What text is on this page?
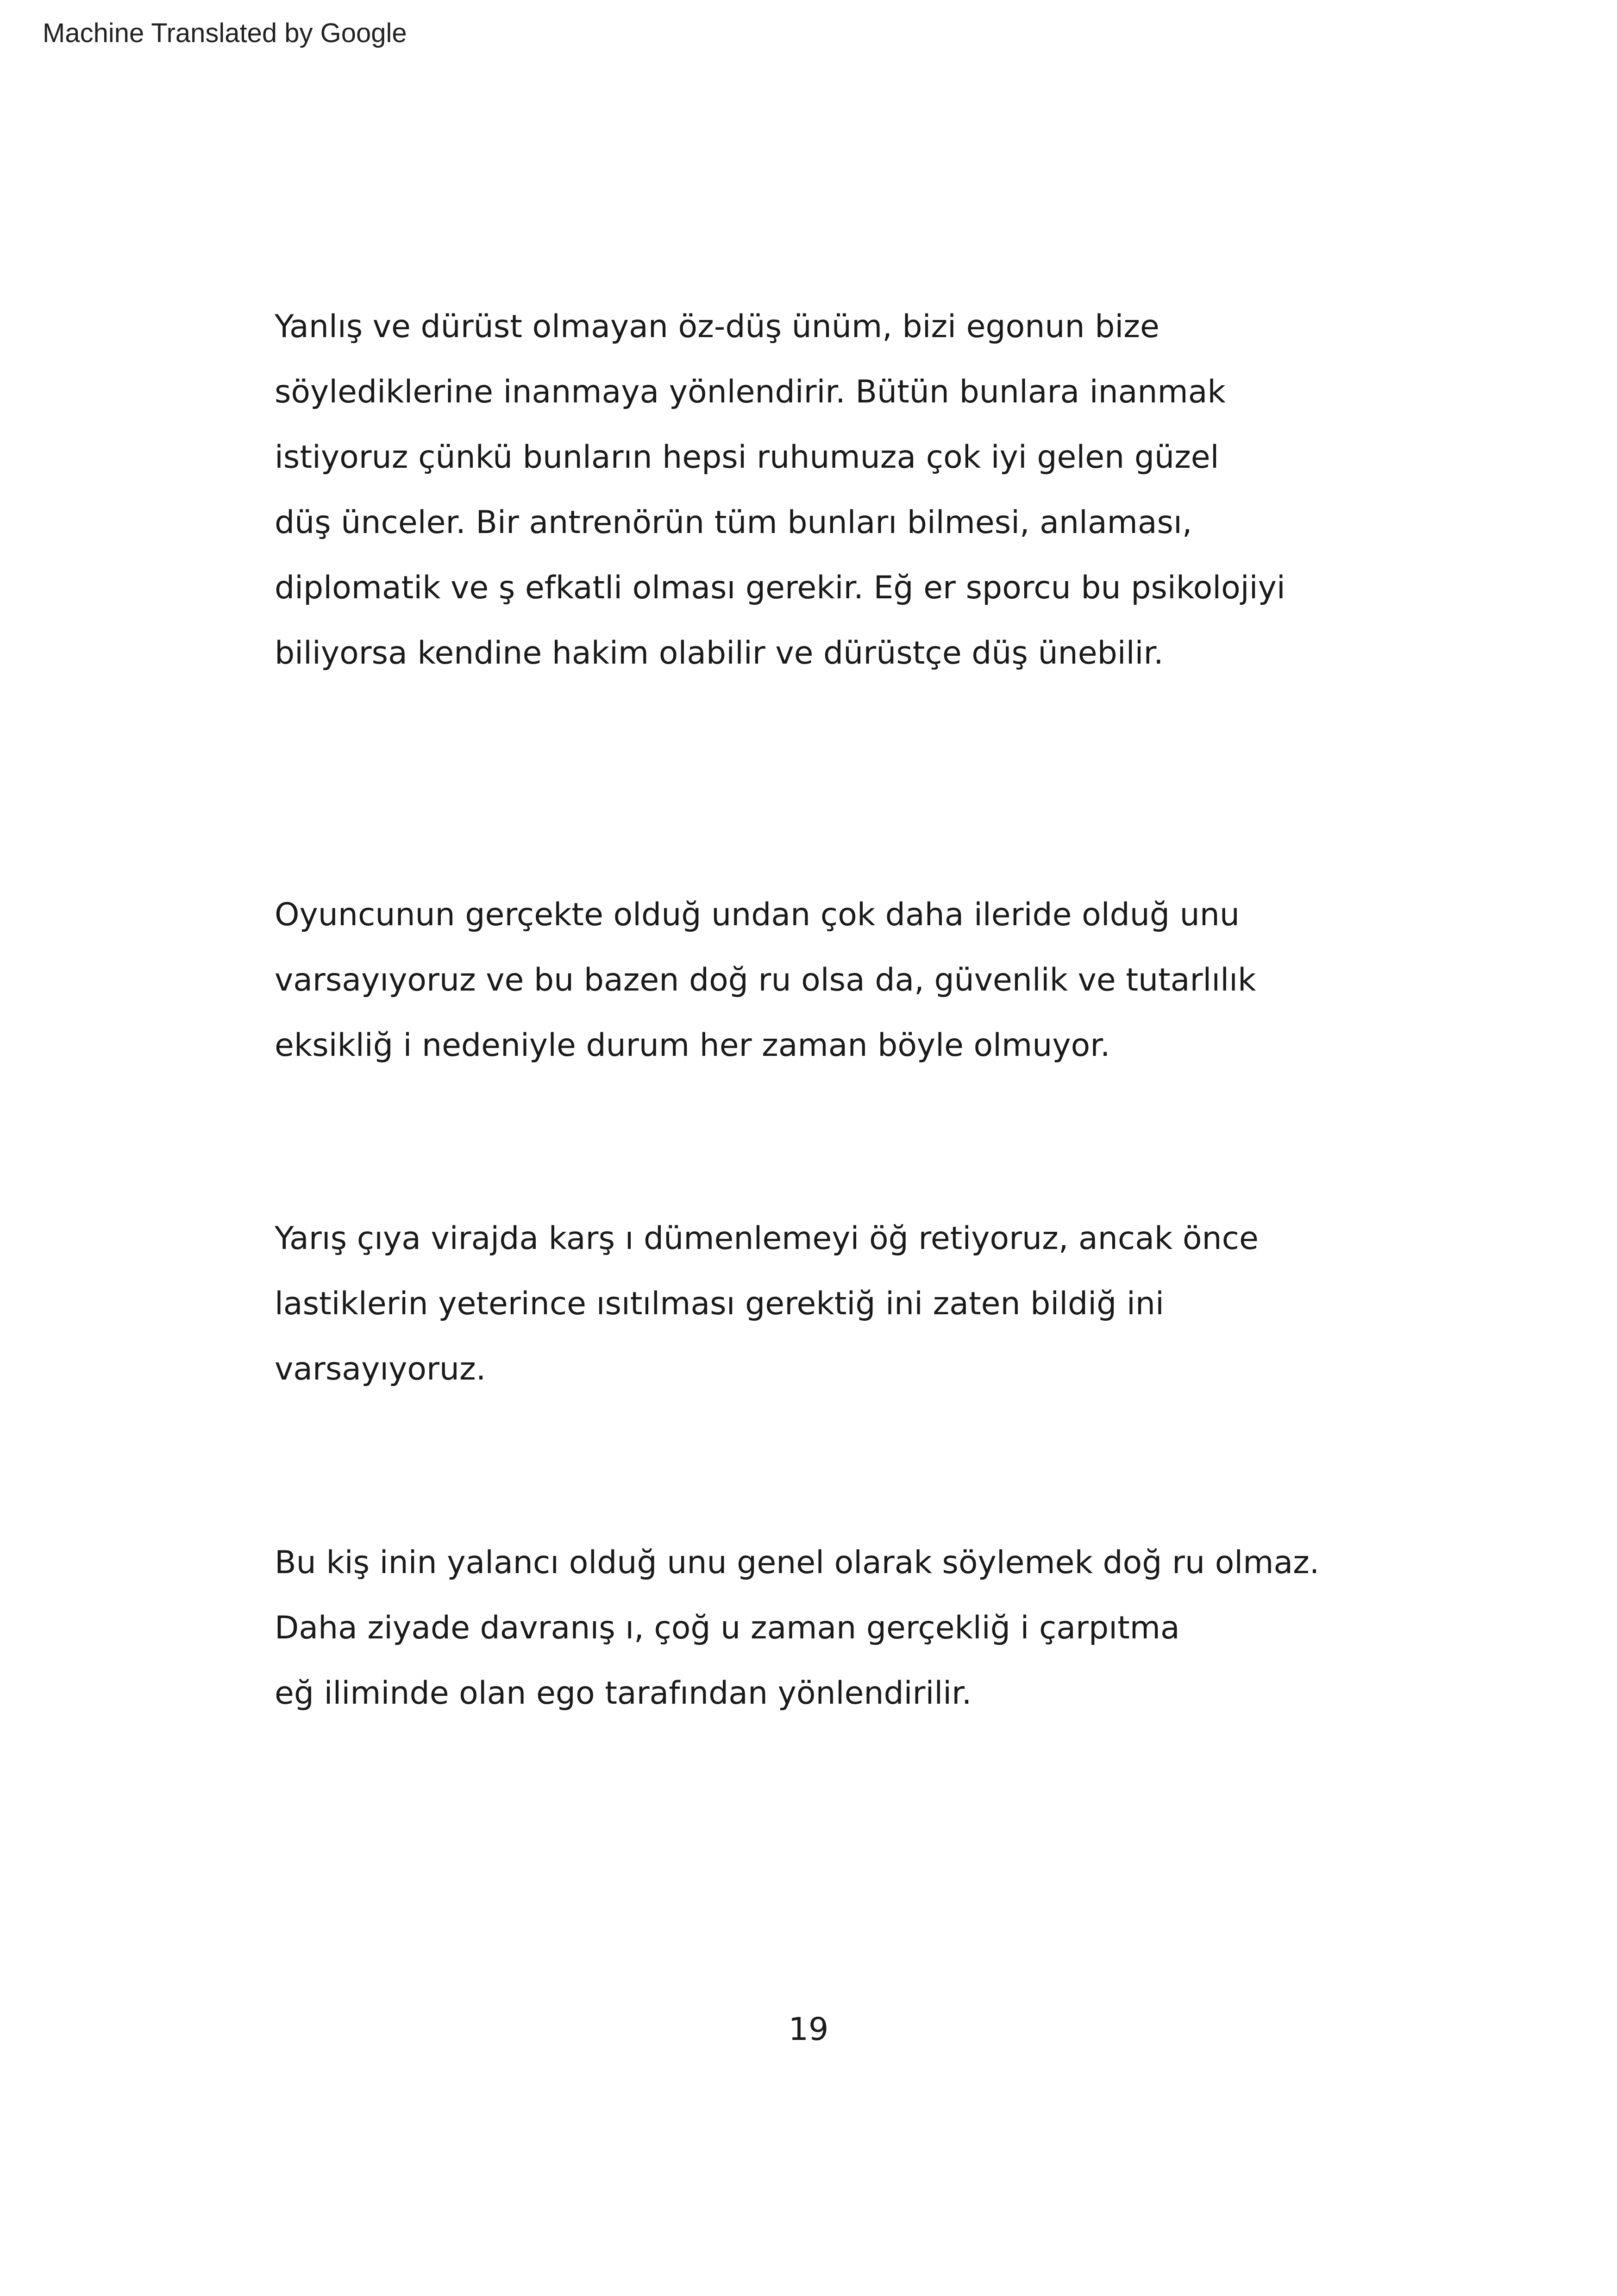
Machine Translated by Google
Yanlış ve dürüst olmayan öz-düş ünüm, bizi egonun bize
söylediklerine inanmaya yönlendirir. Bütün bunlara inanmak
istiyoruz çünkü bunların hepsi ruhumuza çok iyi gelen güzel
düş ünceler. Bir antrenörün tüm bunları bilmesi, anlaması,
diplomatik ve ş efkatli olması gerekir. Eğ er sporcu bu psikolojiyi
biliyorsa kendine hakim olabilir ve dürüstçe düş ünebilir.
Oyuncunun gerçekte olduğ undan çok daha ileride olduğ unu
varsayıyoruz ve bu bazen doğ ru olsa da, güvenlik ve tutarlılık
eksikliğ i nedeniyle durum her zaman böyle olmuyor.
Yarış çıya virajda karş ı dümenlemeyi öğ retiyoruz, ancak önce
lastiklerin yeterince ısıtılması gerektiğ ini zaten bildiğ ini
varsayıyoruz.
Bu kiş inin yalancı olduğ unu genel olarak söylemek doğ ru olmaz.
Daha ziyade davranış ı, çoğ u zaman gerçekliğ i çarpıtma
eğ iliminde olan ego tarafından yönlendirilir.
19
